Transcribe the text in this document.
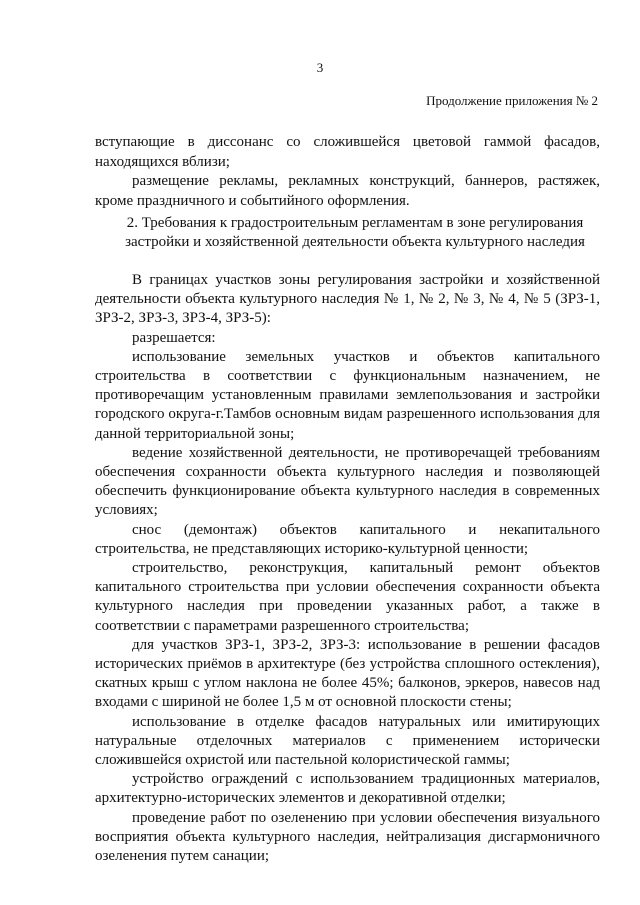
3
Продолжение приложения № 2

вступающие в диссонанс со сложившейся цветовой гаммой фасадов, находящихся вблизи;

размещение рекламы, рекламных конструкций, баннеров, растяжек, кроме праздничного и событийного оформления.

2. Требования к градостроительным регламентам в зоне регулирования застройки и хозяйственной деятельности объекта культурного наследия

В границах участков зоны регулирования застройки и хозяйственной деятельности объекта культурного наследия № 1, № 2, № 3, № 4, № 5 (ЗРЗ-1, ЗРЗ-2, ЗРЗ-3, ЗРЗ-4, ЗРЗ-5):

разрешается:

использование земельных участков и объектов капитального строительства в соответствии с функциональным назначением, не противоречащим установленным правилами землепользования и застройки городского округа-г.Тамбов основным видам разрешенного использования для данной территориальной зоны;

ведение хозяйственной деятельности, не противоречащей требованиям обеспечения сохранности объекта культурного наследия и позволяющей обеспечить функционирование объекта культурного наследия в современных условиях;

снос (демонтаж) объектов капитального и некапитального строительства, не представляющих историко-культурной ценности;

строительство, реконструкция, капитальный ремонт объектов капитального строительства при условии обеспечения сохранности объекта культурного наследия при проведении указанных работ, а также в соответствии с параметрами разрешенного строительства;

для участков ЗРЗ-1, ЗРЗ-2, ЗРЗ-3: использование в решении фасадов исторических приёмов в архитектуре (без устройства сплошного остекления), скатных крыш с углом наклона не более 45%; балконов, эркеров, навесов над входами с шириной не более 1,5 м от основной плоскости стены;

использование в отделке фасадов натуральных или имитирующих натуральные отделочных материалов с применением исторически сложившейся охристой или пастельной колористической гаммы;

устройство ограждений с использованием традиционных материалов, архитектурно-исторических элементов и декоративной отделки;

проведение работ по озеленению при условии обеспечения визуального восприятия объекта культурного наследия, нейтрализация дисгармоничного озеленения путем санации;
